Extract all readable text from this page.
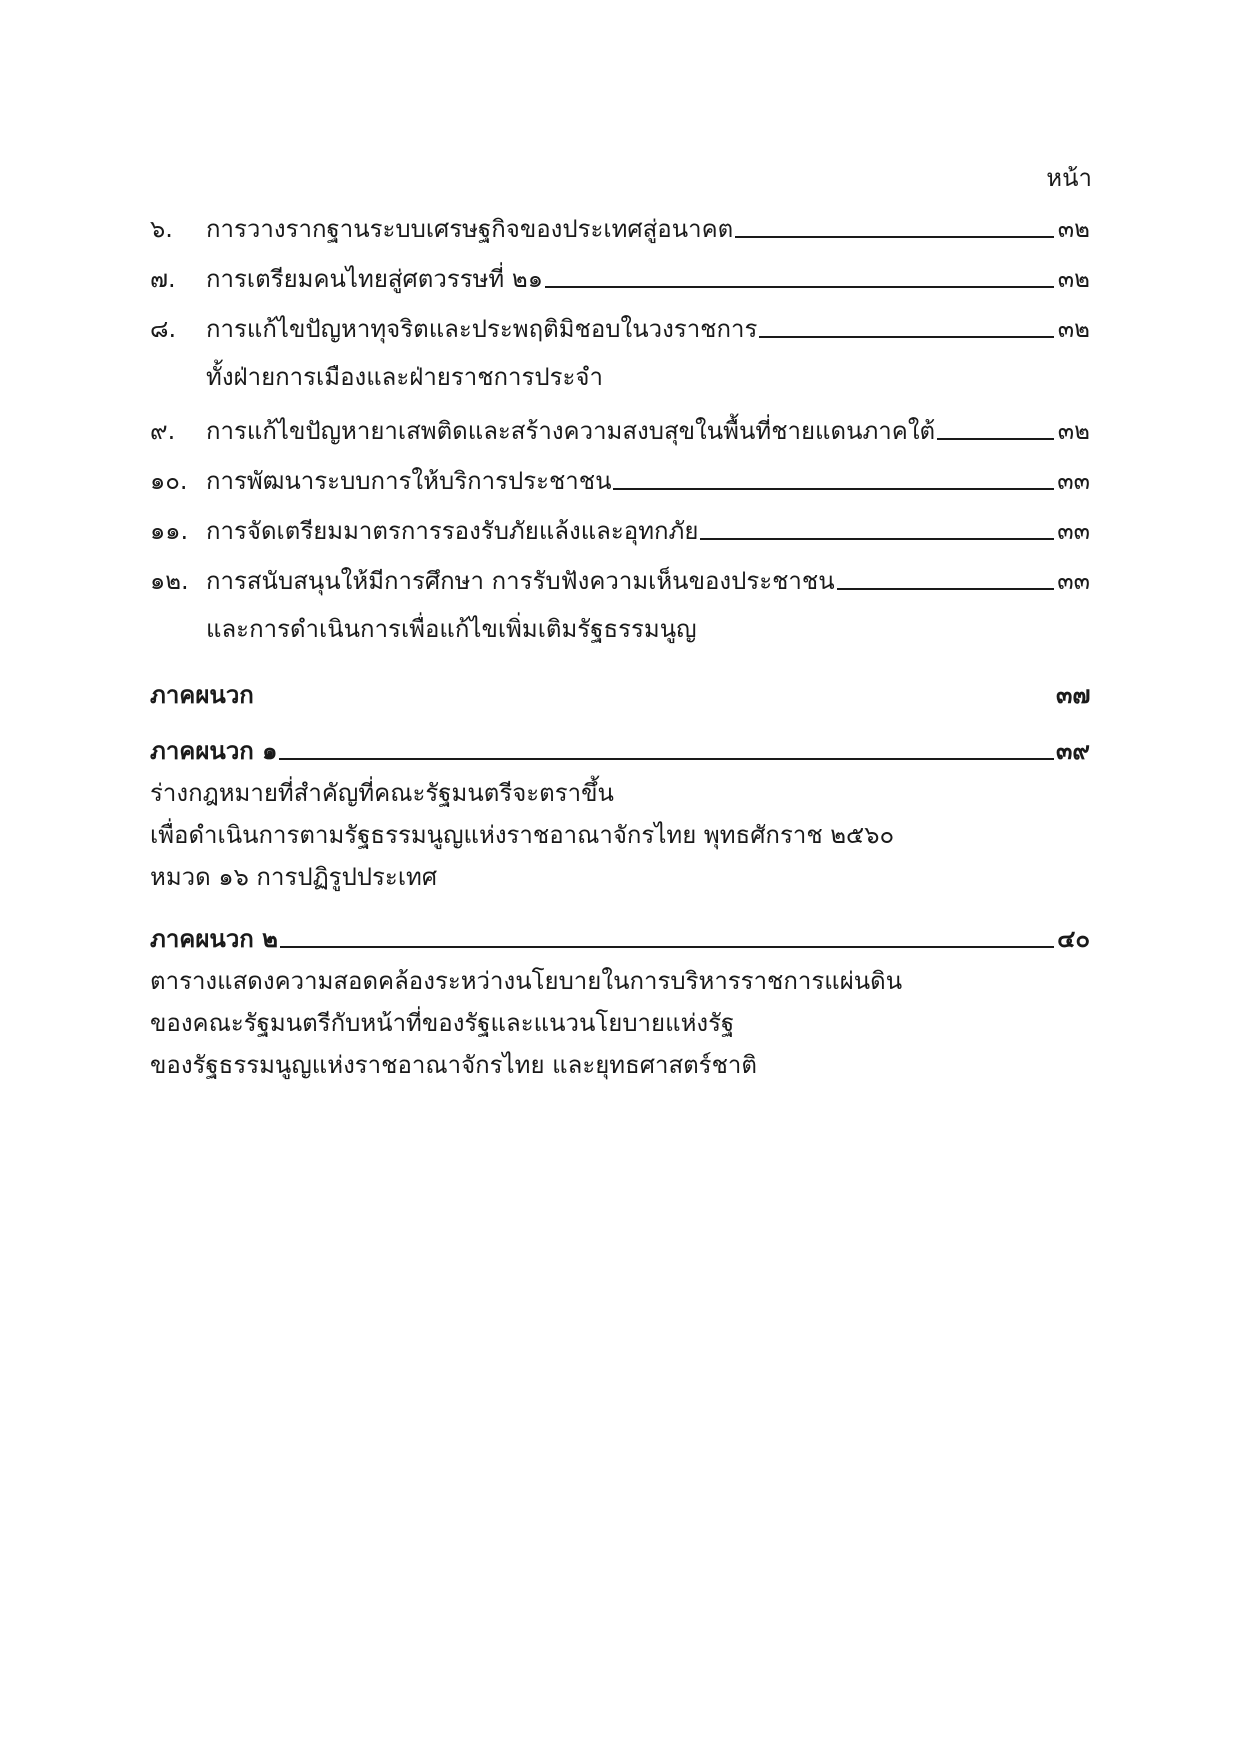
หน้า
๖.	การวางรากฐานระบบเศรษฐกิจของประเทศสู่อนาคต	๓๒
๗.	การเตรียมคนไทยสู่ศตวรรษที่ ๒๑	๓๒
๘.	การแก้ไขปัญหาทุจริตและประพฤติมิชอบในวงราชการ	๓๒
ทั้งฝ่ายการเมืองและฝ่ายราชการประจำ
๙.	การแก้ไขปัญหายาเสพติดและสร้างความสงบสุขในพื้นที่ชายแดนภาคใต้	๓๒
๑๐. การพัฒนาระบบการให้บริการประชาชน	๓๓
๑๑. การจัดเตรียมมาตรการรองรับภัยแล้งและอุทกภัย	๓๓
๑๒. การสนับสนุนให้มีการศึกษา การรับฟังความเห็นของประชาชน	๓๓
และการดำเนินการเพื่อแก้ไขเพิ่มเติมรัฐธรรมนูญ
ภาคผนวก	๓๗
ภาคผนวก ๑	๓๙
ร่างกฎหมายที่สำคัญที่คณะรัฐมนตรีจะตราขึ้น
เพื่อดำเนินการตามรัฐธรรมนูญแห่งราชอาณาจักรไทย พุทธศักราช ๒๕๖๐
หมวด ๑๖ การปฏิรูปประเทศ
ภาคผนวก ๒	๔๐
ตารางแสดงความสอดคล้องระหว่างนโยบายในการบริหารราชการแผ่นดิน
ของคณะรัฐมนตรีกับหน้าที่ของรัฐและแนวนโยบายแห่งรัฐ
ของรัฐธรรมนูญแห่งราชอาณาจักรไทย และยุทธศาสตร์ชาติ
